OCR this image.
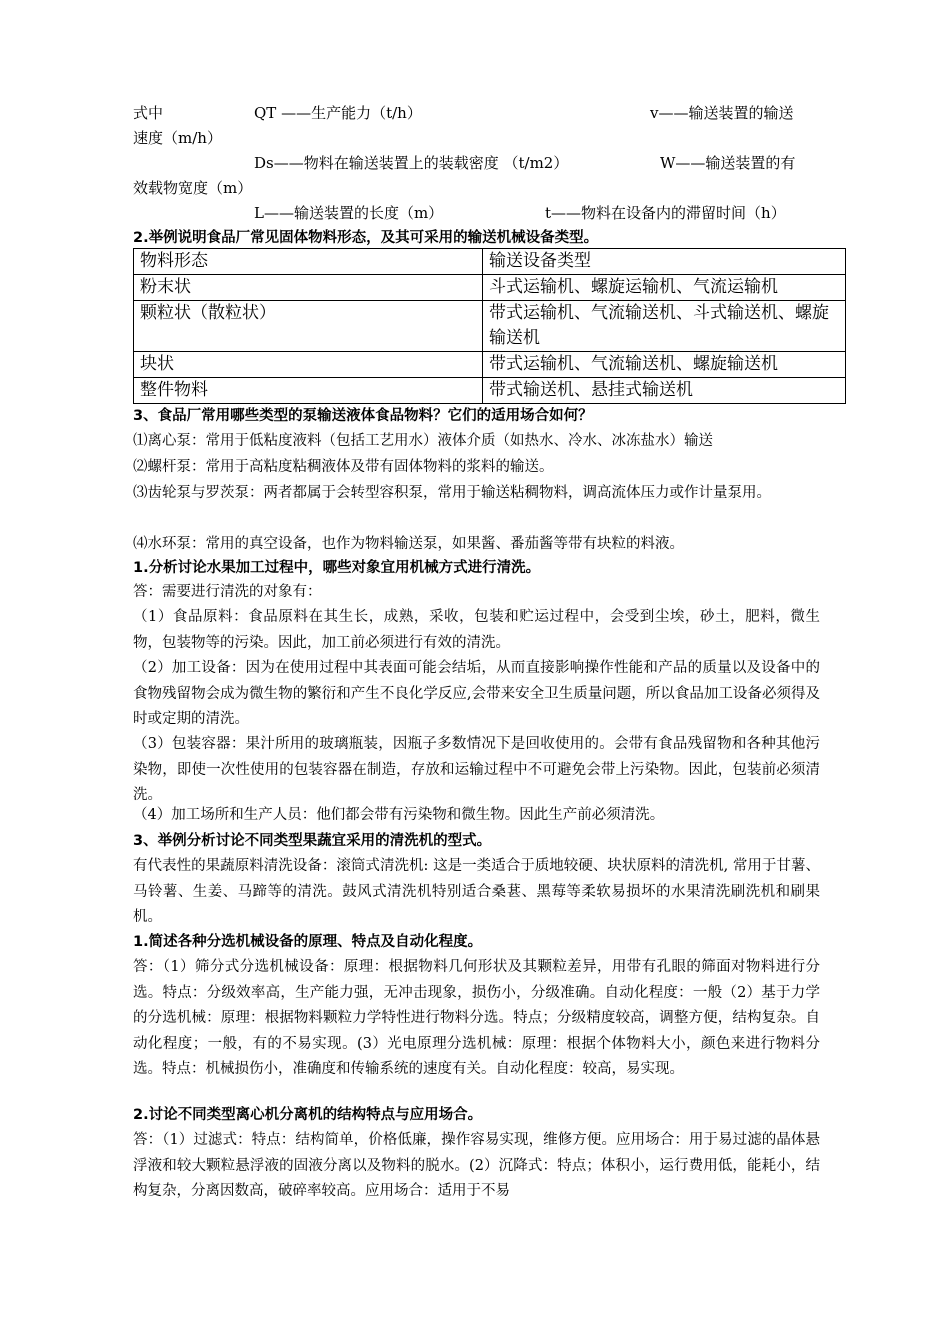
式中	QT ——生产能力（t/h）	v——输送装置的输送
速度（m/h）
Ds——物料在输送装置上的装载密度 （t/m2）	W——输送装置的有
效载物宽度（m）
L——输送装置的长度（m）	t——物料在设备内的滞留时间（h）
2.举例说明食品厂常见固体物料形态，及其可采用的输送机械设备类型。
物料形态	输送设备类型
粉末状	斗式运输机、螺旋运输机、气流运输机
颗粒状（散粒状）	带式运输机、气流输送机、斗式输送机、螺旋输送机
块状	带式运输机、气流输送机、螺旋输送机
整件物料	带式输送机、悬挂式输送机
3、食品厂常用哪些类型的泵输送液体食品物料？它们的适用场合如何？
⑴离心泵：常用于低粘度液料（包括工艺用水）液体介质（如热水、冷水、冰冻盐水）输送
⑵螺杆泵：常用于高粘度粘稠液体及带有固体物料的浆料的输送。
⑶齿轮泵与罗茨泵：两者都属于会转型容积泵，常用于输送粘稠物料，调高流体压力或作计量泵用。
⑷水环泵：常用的真空设备，也作为物料输送泵，如果酱、番茄酱等带有块粒的料液。
1.分析讨论水果加工过程中，哪些对象宜用机械方式进行清洗。
答：需要进行清洗的对象有：
（1）食品原料：食品原料在其生长，成熟，采收，包装和贮运过程中，会受到尘埃，砂土，肥料，微生物，包装物等的污染。因此，加工前必须进行有效的清洗。
（2）加工设备：因为在使用过程中其表面可能会结垢，从而直接影响操作性能和产品的质量以及设备中的食物残留物会成为微生物的繁衍和产生不良化学反应,会带来安全卫生质量问题，所以食品加工设备必须得及时或定期的清洗。
（3）包装容器：果汁所用的玻璃瓶装，因瓶子多数情况下是回收使用的。会带有食品残留物和各种其他污染物，即使一次性使用的包装容器在制造，存放和运输过程中不可避免会带上污染物。因此，包装前必须清洗。
（4）加工场所和生产人员：他们都会带有污染物和微生物。因此生产前必须清洗。
3、举例分析讨论不同类型果蔬宜采用的清洗机的型式。
有代表性的果蔬原料清洗设备：滚筒式清洗机: 这是一类适合于质地较硬、块状原料的清洗机, 常用于甘薯、马铃薯、生姜、马蹄等的清洗。鼓风式清洗机特别适合桑葚、黑莓等柔软易损坏的水果清洗刷洗机和刷果机。
1.简述各种分选机械设备的原理、特点及自动化程度。
答：（1）筛分式分选机械设备：原理：根据物料几何形状及其颗粒差异，用带有孔眼的筛面对物料进行分选。特点：分级效率高，生产能力强，无冲击现象，损伤小，分级准确。自动化程度：一般（2）基于力学的分选机械：原理：根据物料颗粒力学特性进行物料分选。特点；分级精度较高，调整方便，结构复杂。自动化程度；一般，有的不易实现。(3）光电原理分选机械：原理：根据个体物料大小，颜色来进行物料分选。特点：机械损伤小，准确度和传输系统的速度有关。自动化程度：较高，易实现。
2.讨论不同类型离心机分离机的结构特点与应用场合。
答：（1）过滤式：特点：结构简单，价格低廉，操作容易实现，维修方便。应用场合：用于易过滤的晶体悬浮液和较大颗粒悬浮液的固液分离以及物料的脱水。(2）沉降式：特点；体积小，运行费用低，能耗小，结构复杂，分离因数高，破碎率较高。应用场合：适用于不易
